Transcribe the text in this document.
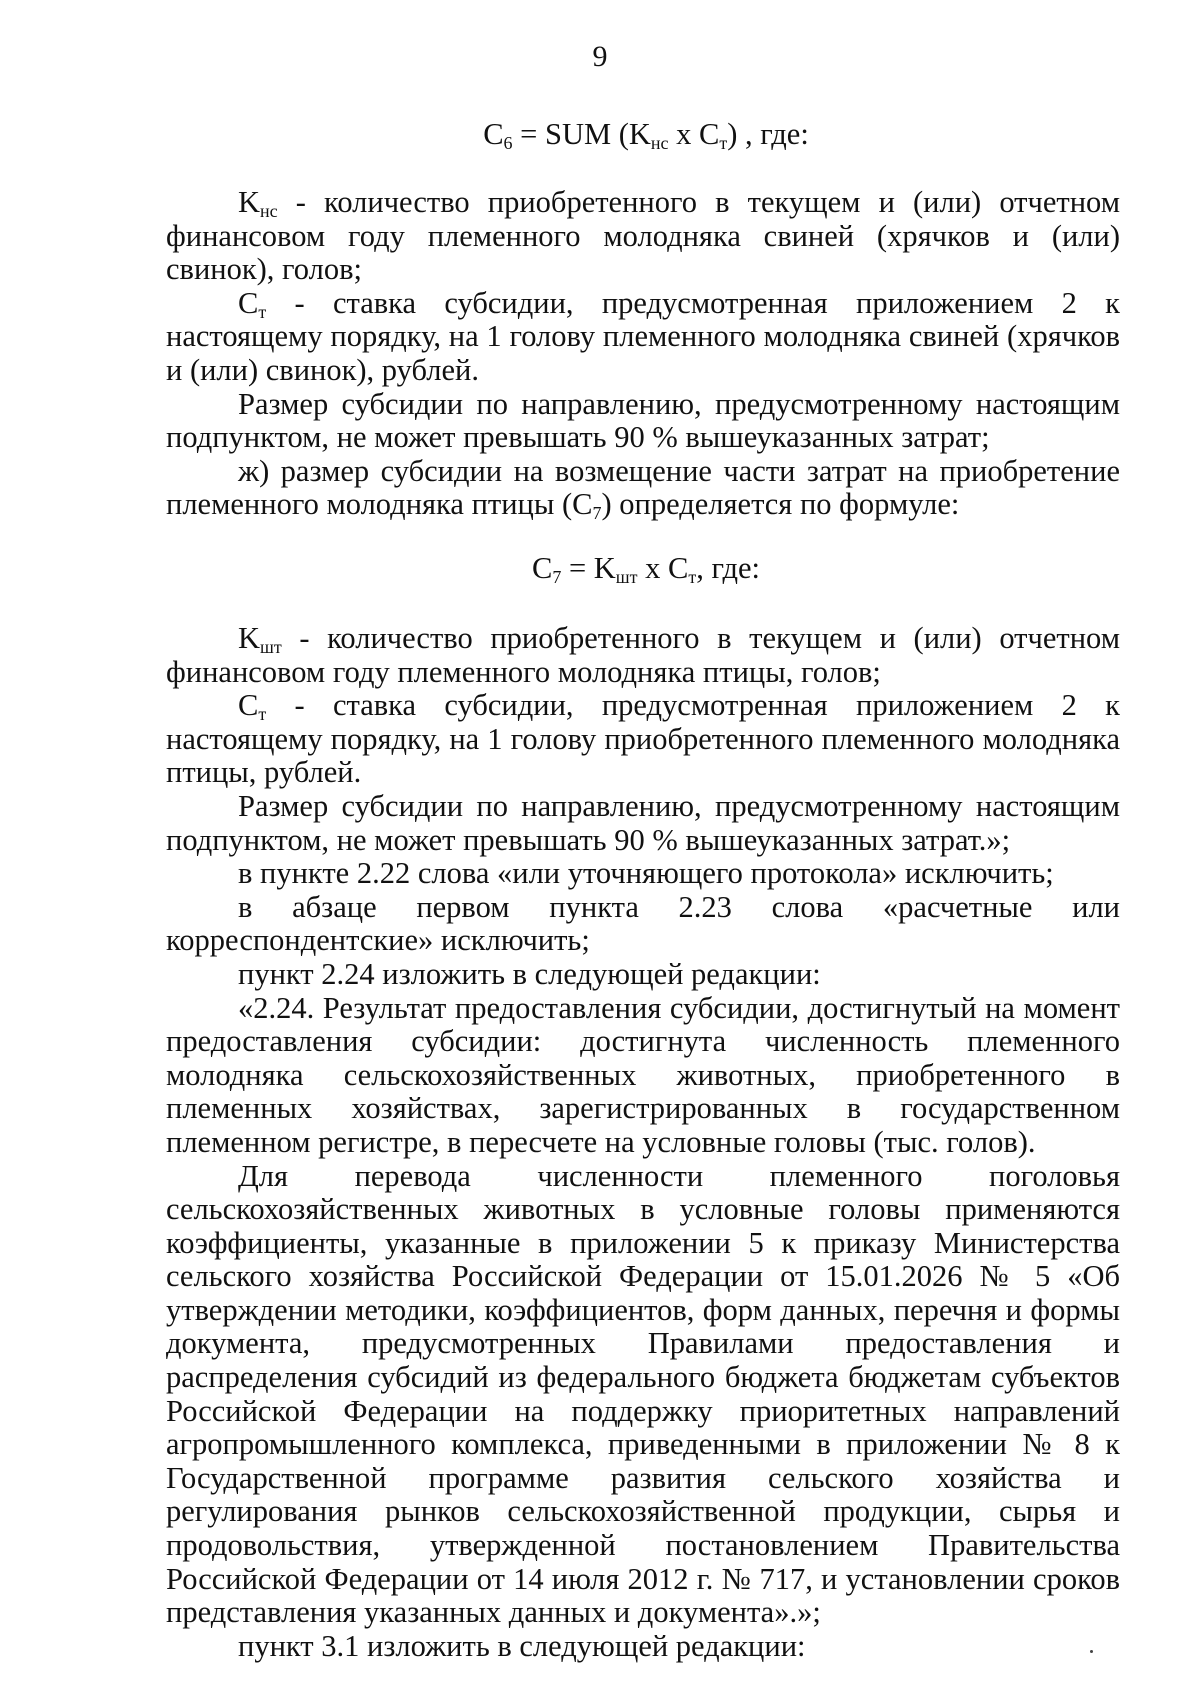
9

$C_6$ = SUM ($K_{нс}$ x $C_т$) , где:

$K_{нс}$ - количество приобретенного в текущем и (или) отчетном финансовом году племенного молодняка свиней (хрячков и (или) свинок), голов;

$C_т$ - ставка субсидии, предусмотренная приложением 2 к настоящему порядку, на 1 голову племенного молодняка свиней (хрячков и (или) свинок), рублей.

Размер субсидии по направлению, предусмотренному настоящим подпунктом, не может превышать 90 % вышеуказанных затрат;

ж) размер субсидии на возмещение части затрат на приобретение племенного молодняка птицы $(C_7)$ определяется по формуле:

$C_7 = K_{шт}$ x $C_т$, где:

$K_{шт}$ - количество приобретенного в текущем и (или) отчетном финансовом году племенного молодняка птицы, голов;

$C_т$ - ставка субсидии, предусмотренная приложением 2 к настоящему порядку, на 1 голову приобретенного племенного молодняка птицы, рублей.

Размер субсидии по направлению, предусмотренному настоящим подпунктом, не может превышать 90 % вышеуказанных затрат.»;

в пункте 2.22 слова «или уточняющего протокола» исключить;

в абзаце первом пункта 2.23 слова «расчетные или корреспондентские» исключить;

пункт 2.24 изложить в следующей редакции:

«2.24. Результат предоставления субсидии, достигнутый на момент предоставления субсидии: достигнута численность племенного молодняка сельскохозяйственных животных, приобретенного в племенных хозяйствах, зарегистрированных в государственном племенном регистре, в пересчете на условные головы (тыс. голов).

Для перевода численности племенного поголовья сельскохозяйственных животных в условные головы применяются коэффициенты, указанные в приложении 5 к приказу Министерства сельского хозяйства Российской Федерации от 15.01.2026 № 5 «Об утверждении методики, коэффициентов, форм данных, перечня и формы документа, предусмотренных Правилами предоставления и распределения субсидий из федерального бюджета бюджетам субъектов Российской Федерации на поддержку приоритетных направлений агропромышленного комплекса, приведенными в приложении № 8 к Государственной программе развития сельского хозяйства и регулирования рынков сельскохозяйственной продукции, сырья и продовольствия, утвержденной постановлением Правительства Российской Федерации от 14 июля 2012 г. № 717, и установлении сроков представления указанных данных и документа».»;

пункт 3.1 изложить в следующей редакции:
